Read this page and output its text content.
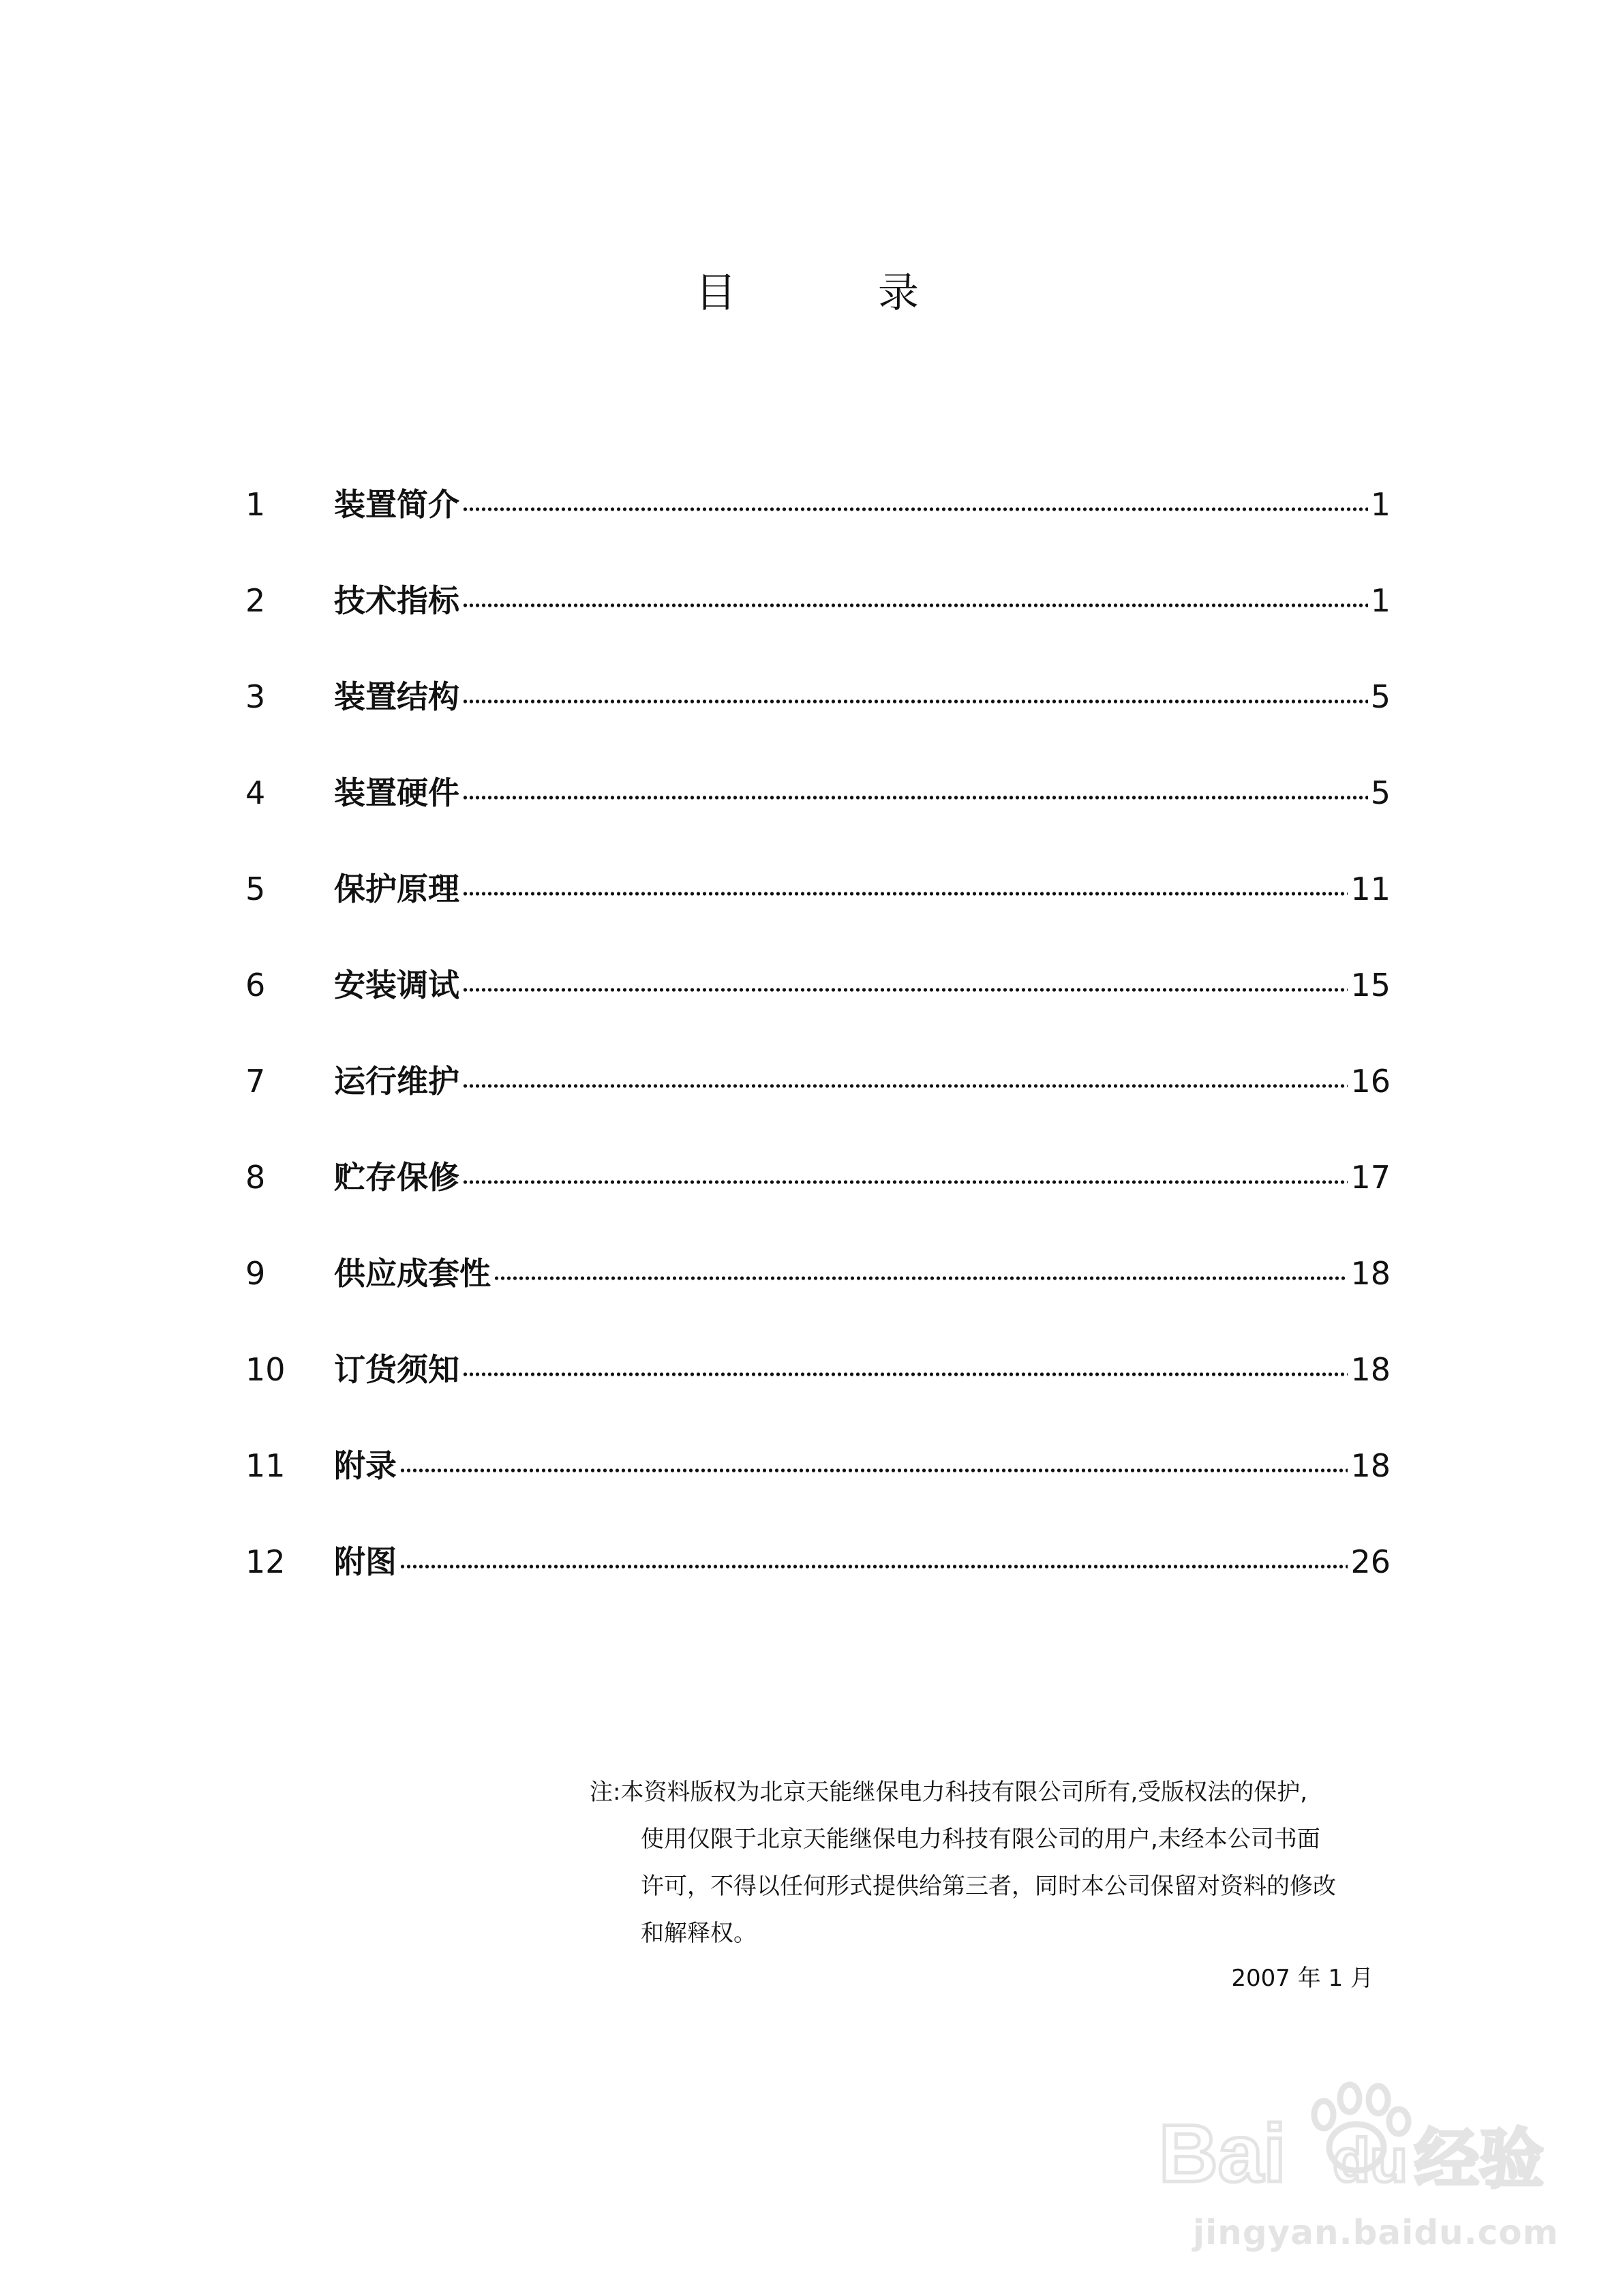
目	录
1	装置简介	1
2	技术指标	1
3	装置结构	5
4	装置硬件	5
5	保护原理	11
6	安装调试	15
7	运行维护	16
8	贮存保修	17
9	供应成套性	18
10	订货须知	18
11	附录	18
12	附图	26
注:本资料版权为北京天能继保电力科技有限公司所有,受版权法的保护,
使用仅限于北京天能继保电力科技有限公司的用户,未经本公司书面
许可，不得以任何形式提供给第三者，同时本公司保留对资料的修改
和解释权。
2007 年 1 月
Bai du 经验
jingyan.baidu.com
